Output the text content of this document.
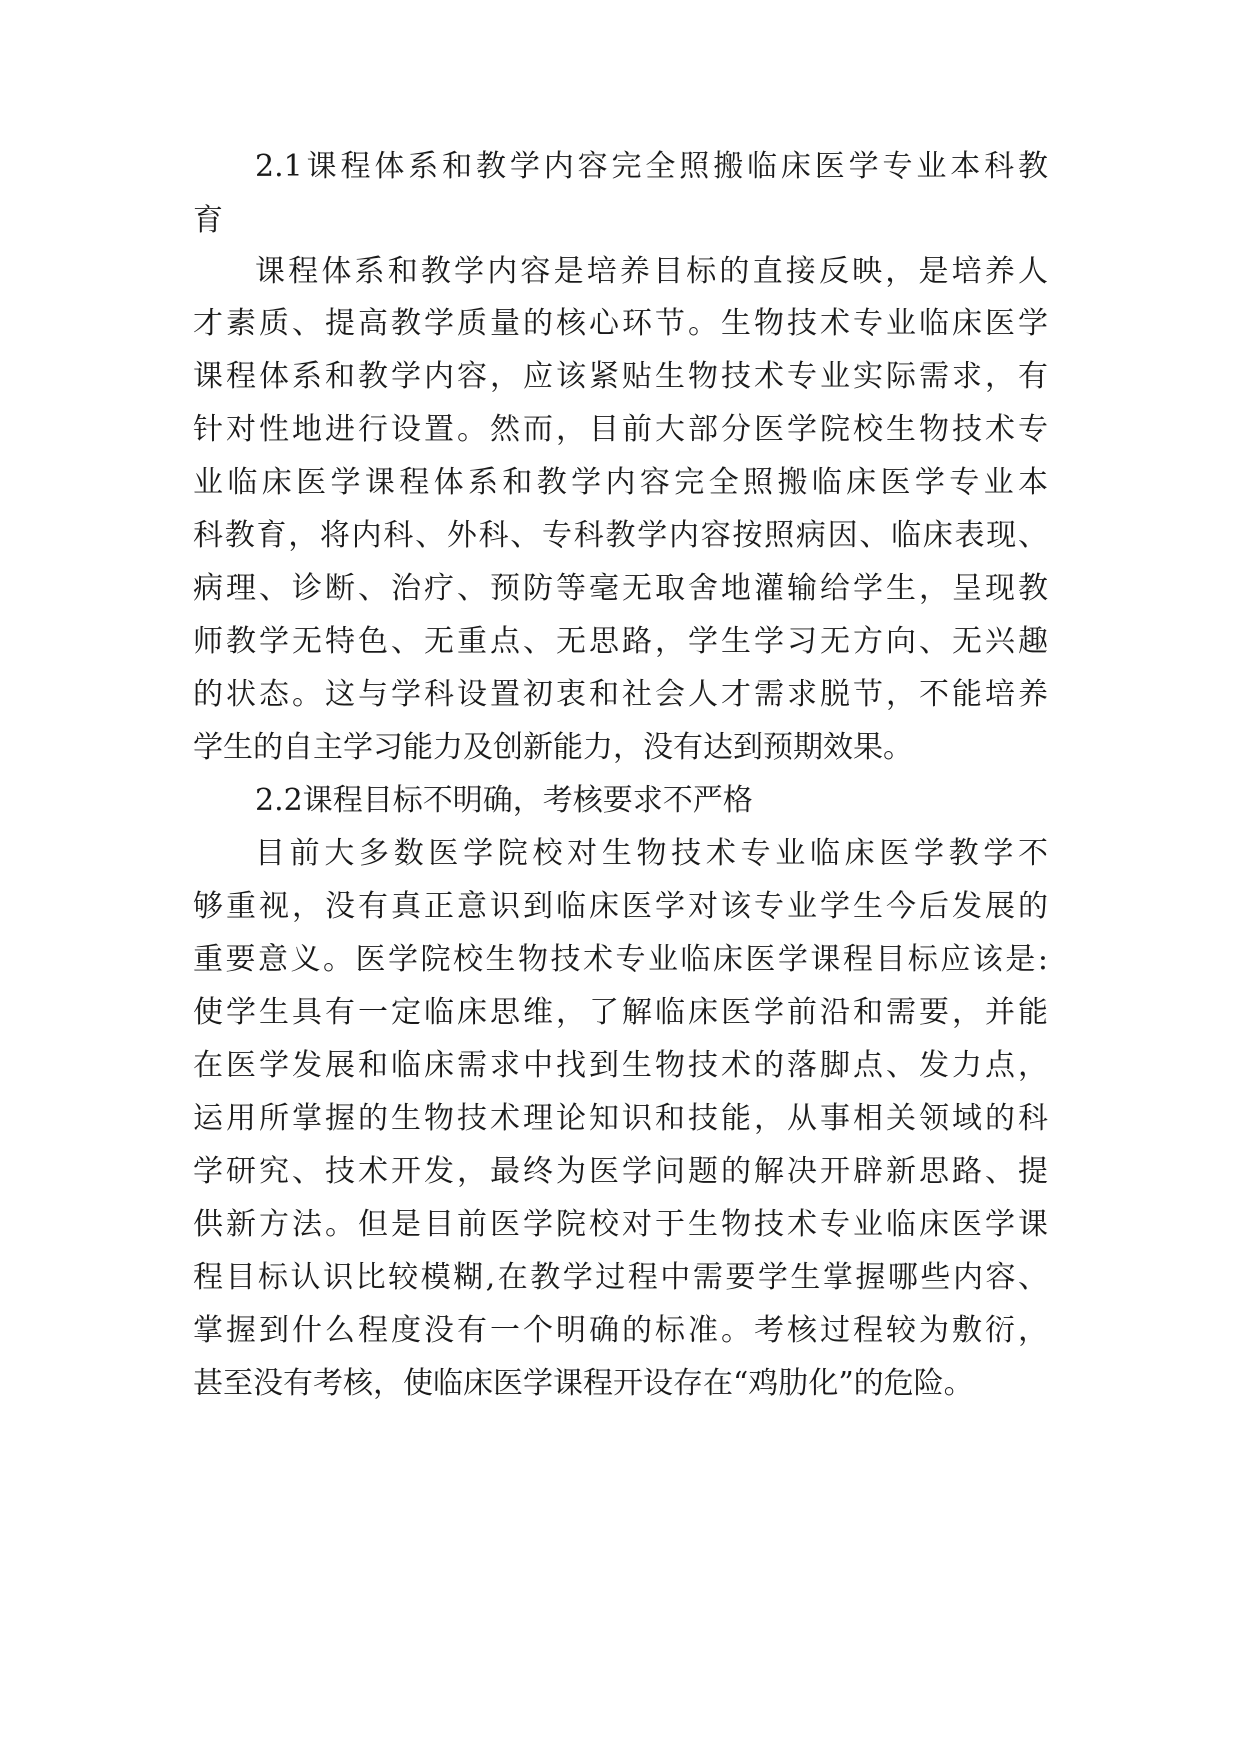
2.1课程体系和教学内容完全照搬临床医学专业本科教

育

课程体系和教学内容是培养目标的直接反映，是培养人

才素质、提高教学质量的核心环节。生物技术专业临床医学

课程体系和教学内容，应该紧贴生物技术专业实际需求，有

针对性地进行设置。然而，目前大部分医学院校生物技术专

业临床医学课程体系和教学内容完全照搬临床医学专业本

科教育，将内科、外科、专科教学内容按照病因、临床表现、

病理、诊断、治疗、预防等毫无取舍地灌输给学生，呈现教

师教学无特色、无重点、无思路，学生学习无方向、无兴趣

的状态。这与学科设置初衷和社会人才需求脱节，不能培养

学生的自主学习能力及创新能力，没有达到预期效果。

2.2课程目标不明确，考核要求不严格

目前大多数医学院校对生物技术专业临床医学教学不

够重视，没有真正意识到临床医学对该专业学生今后发展的

重要意义。医学院校生物技术专业临床医学课程目标应该是:

使学生具有一定临床思维，了解临床医学前沿和需要，并能

在医学发展和临床需求中找到生物技术的落脚点、发力点，

运用所掌握的生物技术理论知识和技能，从事相关领域的科

学研究、技术开发，最终为医学问题的解决开辟新思路、提

供新方法。但是目前医学院校对于生物技术专业临床医学课

程目标认识比较模糊,在教学过程中需要学生掌握哪些内容、

掌握到什么程度没有一个明确的标准。考核过程较为敷衍，

甚至没有考核，使临床医学课程开设存在“鸡肋化”的危险。
